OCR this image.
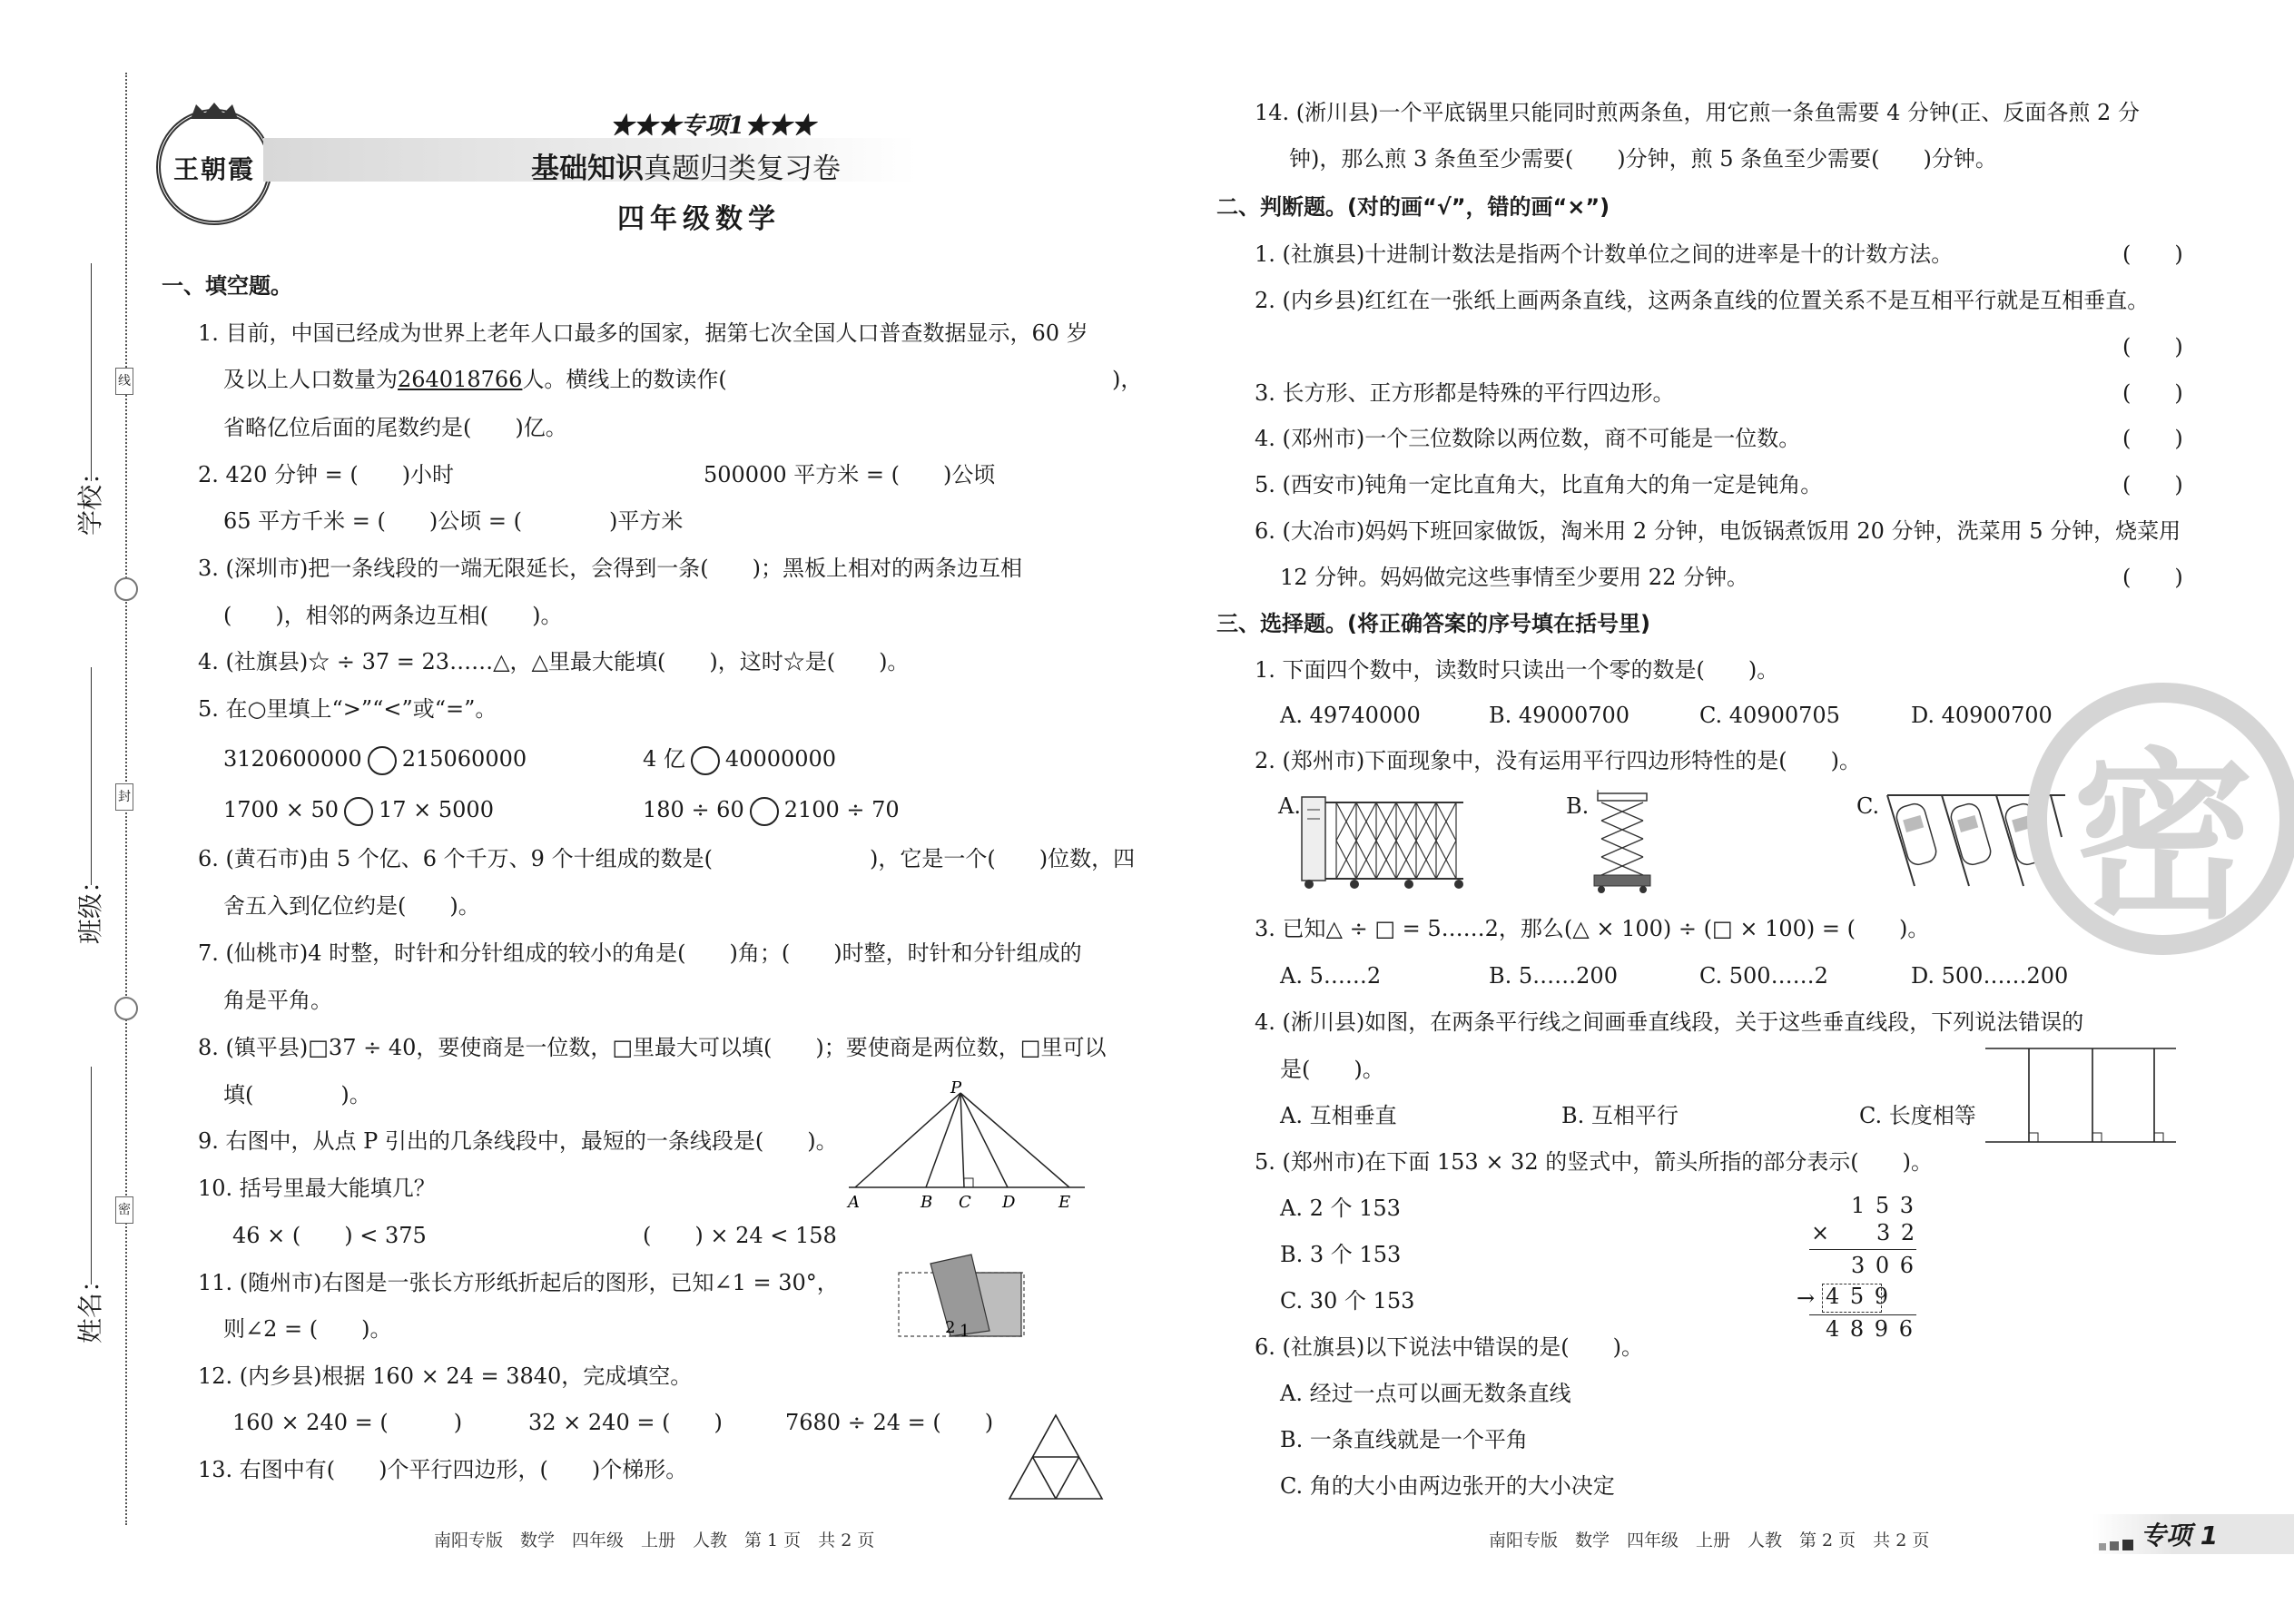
线
封
密
学校：
班级：
姓名：
王朝霞
★★★专项1★★★
基础知识真题归类复习卷
四年级数学
一、填空题。
1. 目前，中国已经成为世界上老年人口最多的国家，据第七次全国人口普查数据显示，60 岁
及以上人口数量为264018766人。横线上的数读作(	)，
省略亿位后面的尾数约是(　　)亿。
2. 420 分钟 = (　　)小时	500000 平方米 = (　　)公顷
65 平方千米 = (　　)公顷 = (　　　　)平方米
3. (深圳市)把一条线段的一端无限延长，会得到一条(　　)；黑板上相对的两条边互相
(　　)，相邻的两条边互相(　　)。
4. (社旗县)☆ ÷ 37 = 23……△，△里最大能填(　　)，这时☆是(　　)。
5. 在○里填上“>”“<”或“=”。
3120600000 215060000	4 亿 40000000
1700 × 50 17 × 5000	180 ÷ 60 2100 ÷ 70
6. (黄石市)由 5 个亿、6 个千万、9 个十组成的数是(	)，它是一个(　　)位数，四
舍五入到亿位约是(　　)。
7. (仙桃市)4 时整，时针和分针组成的较小的角是(　　)角；(　　)时整，时针和分针组成的
角是平角。
8. (镇平县)□37 ÷ 40，要使商是一位数，□里最大可以填(　　)；要使商是两位数，□里可以
填(　　　　)。
9. 右图中，从点 P 引出的几条线段中，最短的一条线段是(　　)。
P
A	B C D	E
10. 括号里最大能填几？
46 × (　　) < 375	(　　) × 24 < 158
11. (随州市)右图是一张长方形纸折起后的图形，已知∠1 = 30°，
则∠2 = (　　)。	2 1
12. (内乡县)根据 160 × 24 = 3840，完成填空。
160 × 240 = (　　　)	32 × 240 = (　　)	7680 ÷ 24 = (　　)
13. 右图中有(　　)个平行四边形，(　　)个梯形。
南阳专版　数学　四年级　上册　人教　第 1 页　共 2 页
14. (淅川县)一个平底锅里只能同时煎两条鱼，用它煎一条鱼需要 4 分钟(正、反面各煎 2 分
钟)，那么煎 3 条鱼至少需要(　　)分钟，煎 5 条鱼至少需要(　　)分钟。
二、判断题。(对的画“√”，错的画“×”)
1. (社旗县)十进制计数法是指两个计数单位之间的进率是十的计数方法。	(　　)
2. (内乡县)红红在一张纸上画两条直线，这两条直线的位置关系不是互相平行就是互相垂直。
(　　)
3. 长方形、正方形都是特殊的平行四边形。	(　　)
4. (邓州市)一个三位数除以两位数，商不可能是一位数。	(　　)
5. (西安市)钝角一定比直角大，比直角大的角一定是钝角。	(　　)
6. (大冶市)妈妈下班回家做饭，淘米用 2 分钟，电饭锅煮饭用 20 分钟，洗菜用 5 分钟，烧菜用
12 分钟。妈妈做完这些事情至少要用 22 分钟。	(　　)
三、选择题。(将正确答案的序号填在括号里)
1. 下面四个数中，读数时只读出一个零的数是(　　)。
A. 49740000	B. 49000700	C. 40900705	D. 40900700
2. (郑州市)下面现象中，没有运用平行四边形特性的是(　　)。
A.	B.	C.
3. 已知△ ÷ □ = 5……2，那么(△ × 100) ÷ (□ × 100) = (　　)。
A. 5……2	B. 5……200	C. 500……2	D. 500……200
4. (淅川县)如图，在两条平行线之间画垂直线段，关于这些垂直线段，下列说法错误的
是(　　)。
A. 互相垂直	B. 互相平行	C. 长度相等
5. (郑州市)在下面 153 × 32 的竖式中，箭头所指的部分表示(　　)。
A. 2 个 153
B. 3 个 153
C. 30 个 153
1 5 3
× 3 2
3 0 6
→ 4 5 9
4 8 9 6
6. (社旗县)以下说法中错误的是(　　)。
A. 经过一点可以画无数条直线
B. 一条直线就是一个平角
C. 角的大小由两边张开的大小决定
密
南阳专版　数学　四年级　上册　人教　第 2 页　共 2 页	专项 1
